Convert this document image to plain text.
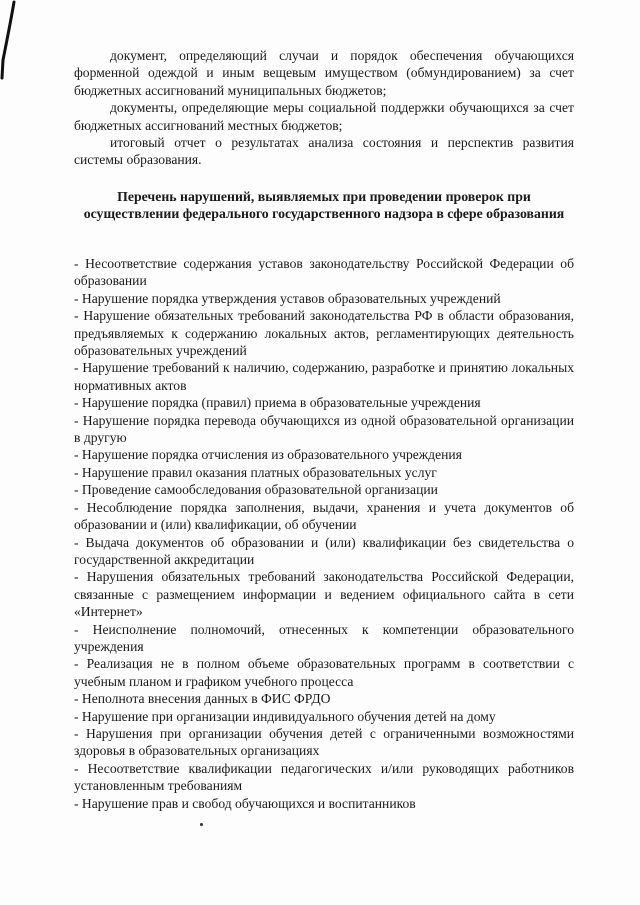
документ, определяющий случаи и порядок обеспечения обучающихся форменной одеждой и иным вещевым имуществом (обмундированием) за счет бюджетных ассигнований муниципальных бюджетов;

документы, определяющие меры социальной поддержки обучающихся за счет бюджетных ассигнований местных бюджетов;

итоговый отчет о результатах анализа состояния и перспектив развития системы образования.

Перечень нарушений, выявляемых при проведении проверок при осуществлении федерального государственного надзора в сфере образования

- Несоответствие содержания уставов законодательству Российской Федерации об образовании

- Нарушение порядка утверждения уставов образовательных учреждений

- Нарушение обязательных требований законодательства РФ в области образования, предъявляемых к содержанию локальных актов, регламентирующих деятельность образовательных учреждений

- Нарушение требований к наличию, содержанию, разработке и принятию локальных нормативных актов

- Нарушение порядка (правил) приема в образовательные учреждения

- Нарушение порядка перевода обучающихся из одной образовательной организации в другую

- Нарушение порядка отчисления из образовательного учреждения

- Нарушение правил оказания платных образовательных услуг

- Проведение самообследования образовательной организации

- Несоблюдение порядка заполнения, выдачи, хранения и учета документов об образовании и (или) квалификации, об обучении

- Выдача документов об образовании и (или) квалификации без свидетельства о государственной аккредитации

- Нарушения обязательных требований законодательства Российской Федерации, связанные с размещением информации и ведением официального сайта в сети «Интернет»

- Неисполнение полномочий, отнесенных к компетенции образовательного учреждения

- Реализация не в полном объеме образовательных программ в соответствии с учебным планом и графиком учебного процесса

- Неполнота внесения данных в ФИС ФРДО

- Нарушение при организации индивидуального обучения детей на дому

- Нарушения при организации обучения детей с ограниченными возможностями здоровья в образовательных организациях

- Несоответствие квалификации педагогических и/или руководящих работников установленным требованиям

- Нарушение прав и свобод обучающихся и воспитанников
